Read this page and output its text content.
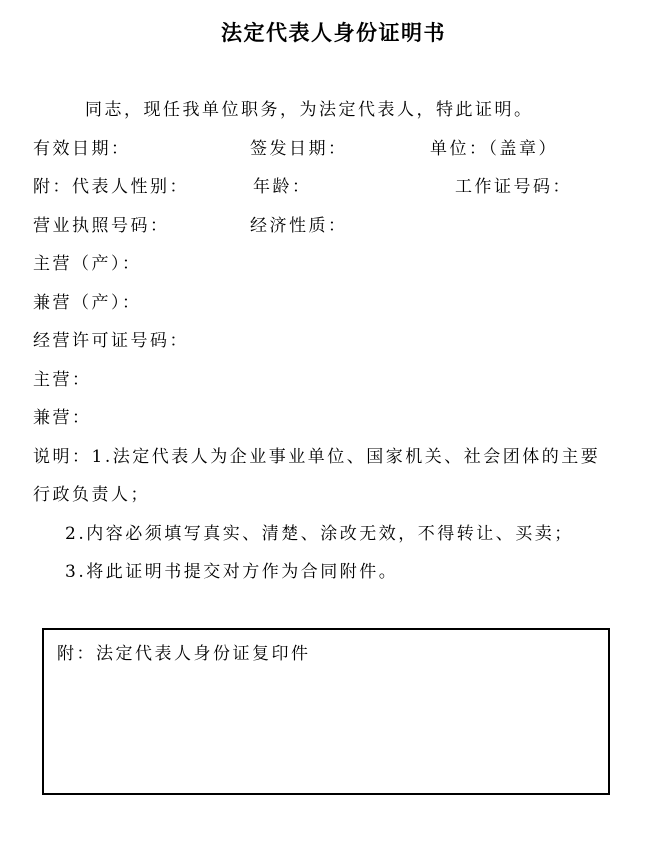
法定代表人身份证明书
同志，现任我单位职务，为法定代表人，特此证明。
有效日期：	签发日期：	单位：（盖章）
附：代表人性别：	年龄：	工作证号码：
营业执照号码：	经济性质：
主营（产）：
兼营（产）：
经营许可证号码：
主营：
兼营：
说明：1.法定代表人为企业事业单位、国家机关、社会团体的主要
行政负责人；
2.内容必须填写真实、清楚、涂改无效，不得转让、买卖；
3.将此证明书提交对方作为合同附件。
附：法定代表人身份证复印件
